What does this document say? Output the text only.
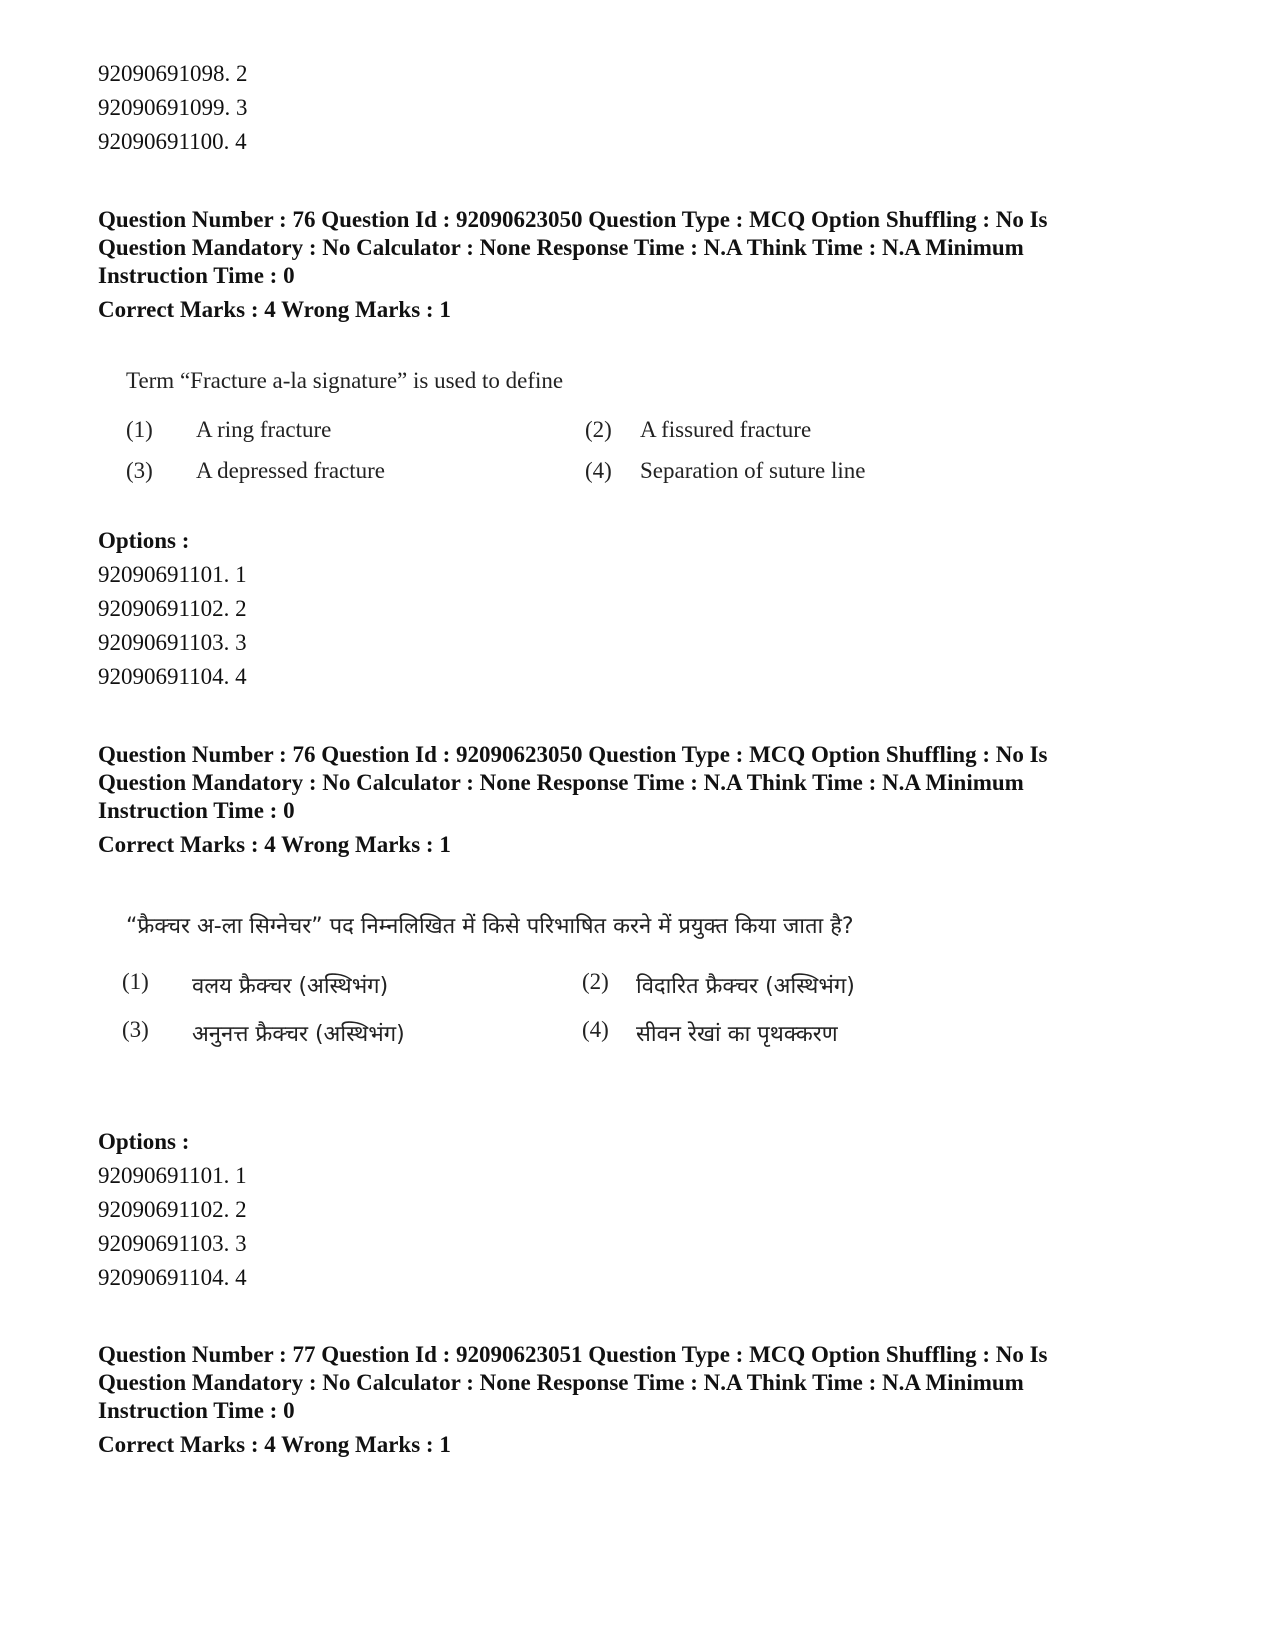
92090691098. 2
92090691099. 3
92090691100. 4
Question Number : 76 Question Id : 92090623050 Question Type : MCQ Option Shuffling : No Is
Question Mandatory : No Calculator : None Response Time : N.A Think Time : N.A Minimum
Instruction Time : 0
Correct Marks : 4 Wrong Marks : 1
Term “Fracture a-la signature” is used to define
(1) A ring fracture	(2) A fissured fracture
(3) A depressed fracture	(4) Separation of suture line
Options :
92090691101. 1
92090691102. 2
92090691103. 3
92090691104. 4
Question Number : 76 Question Id : 92090623050 Question Type : MCQ Option Shuffling : No Is
Question Mandatory : No Calculator : None Response Time : N.A Think Time : N.A Minimum
Instruction Time : 0
Correct Marks : 4 Wrong Marks : 1
“फ्रैक्चर अ-ला सिग्नेचर” पद निम्नलिखित में किसे परिभाषित करने में प्रयुक्त किया जाता है?
(1) वलय फ्रैक्चर (अस्थिभंग)	(2) विदारित फ्रैक्चर (अस्थिभंग)
(3) अनुनत्त फ्रैक्चर (अस्थिभंग)	(4) सीवन रेखां का पृथक्करण
Options :
92090691101. 1
92090691102. 2
92090691103. 3
92090691104. 4
Question Number : 77 Question Id : 92090623051 Question Type : MCQ Option Shuffling : No Is
Question Mandatory : No Calculator : None Response Time : N.A Think Time : N.A Minimum
Instruction Time : 0
Correct Marks : 4 Wrong Marks : 1
